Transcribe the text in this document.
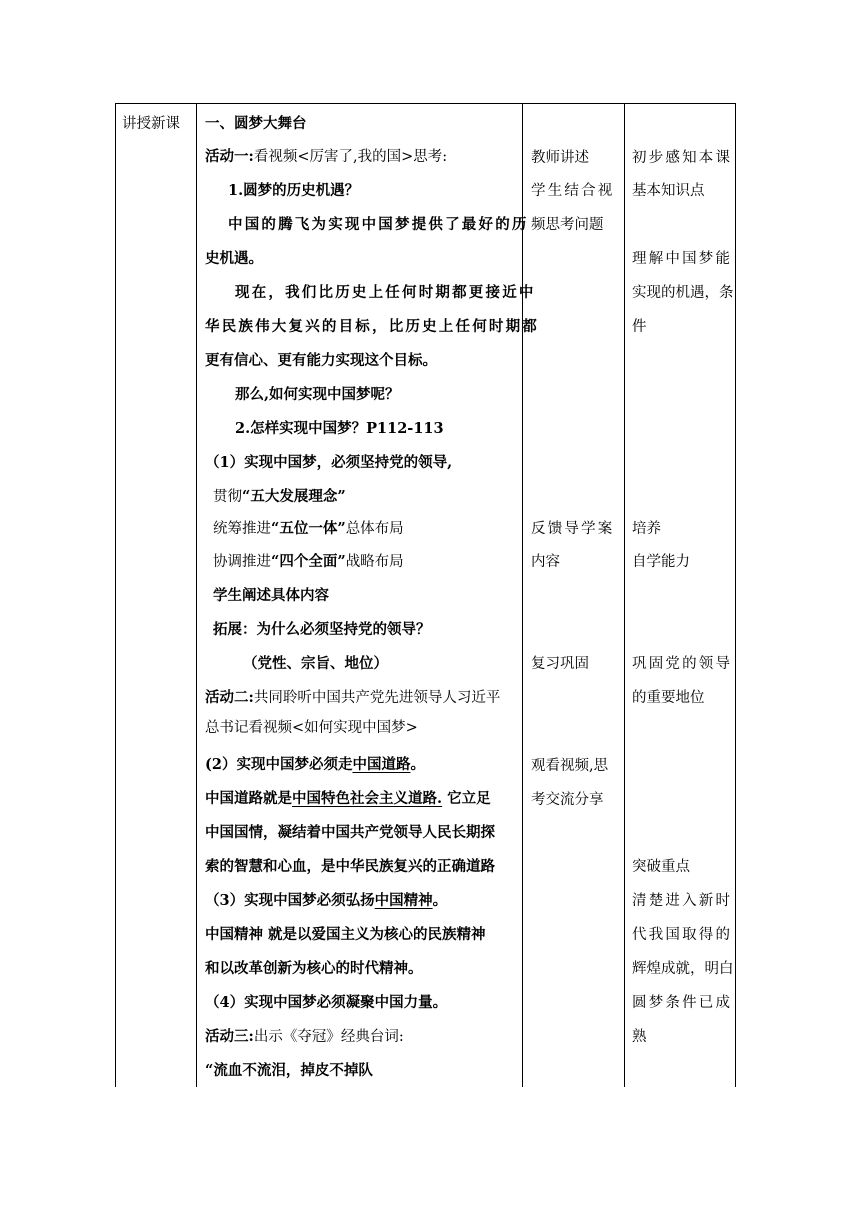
讲授新课 一、圆梦大舞台
活动一:看视频<厉害了,我的国>思考:
1.圆梦的历史机遇？
中国的腾飞为实现中国梦提供了最好的历
史机遇。
现在，我们比历史上任何时期都更接近中
华民族伟大复兴的目标，比历史上任何时期都
更有信心、更有能力实现这个目标。
那么,如何实现中国梦呢？
2.怎样实现中国梦？P112-113
（1）实现中国梦，必须坚持党的领导,
贯彻“五大发展理念”
统筹推进“五位一体”总体布局
协调推进“四个全面”战略布局
学生阐述具体内容
拓展：为什么必须坚持党的领导？
（党性、宗旨、地位）
活动二:共同聆听中国共产党先进领导人习近平
总书记看视频<如何实现中国梦>
(2）实现中国梦必须走中国道路。
中国道路就是中国特色社会主义道路. 它立足
中国国情，凝结着中国共产党领导人民长期探
索的智慧和心血，是中华民族复兴的正确道路
（3）实现中国梦必须弘扬中国精神。
中国精神 就是以爱国主义为核心的民族精神
和以改革创新为核心的时代精神。
（4）实现中国梦必须凝聚中国力量。
活动三:出示《夺冠》经典台词:
“流血不流泪，掉皮不掉队
教师讲述
学生结合视
频思考问题
反馈导学案
内容
复习巩固
观看视频,思
考交流分享
初步感知本课
基本知识点
理解中国梦能
实现的机遇，条
件
培养
自学能力
巩固党的领导
的重要地位
突破重点
清楚进入新时
代我国取得的
辉煌成就，明白
圆梦条件已成
熟
